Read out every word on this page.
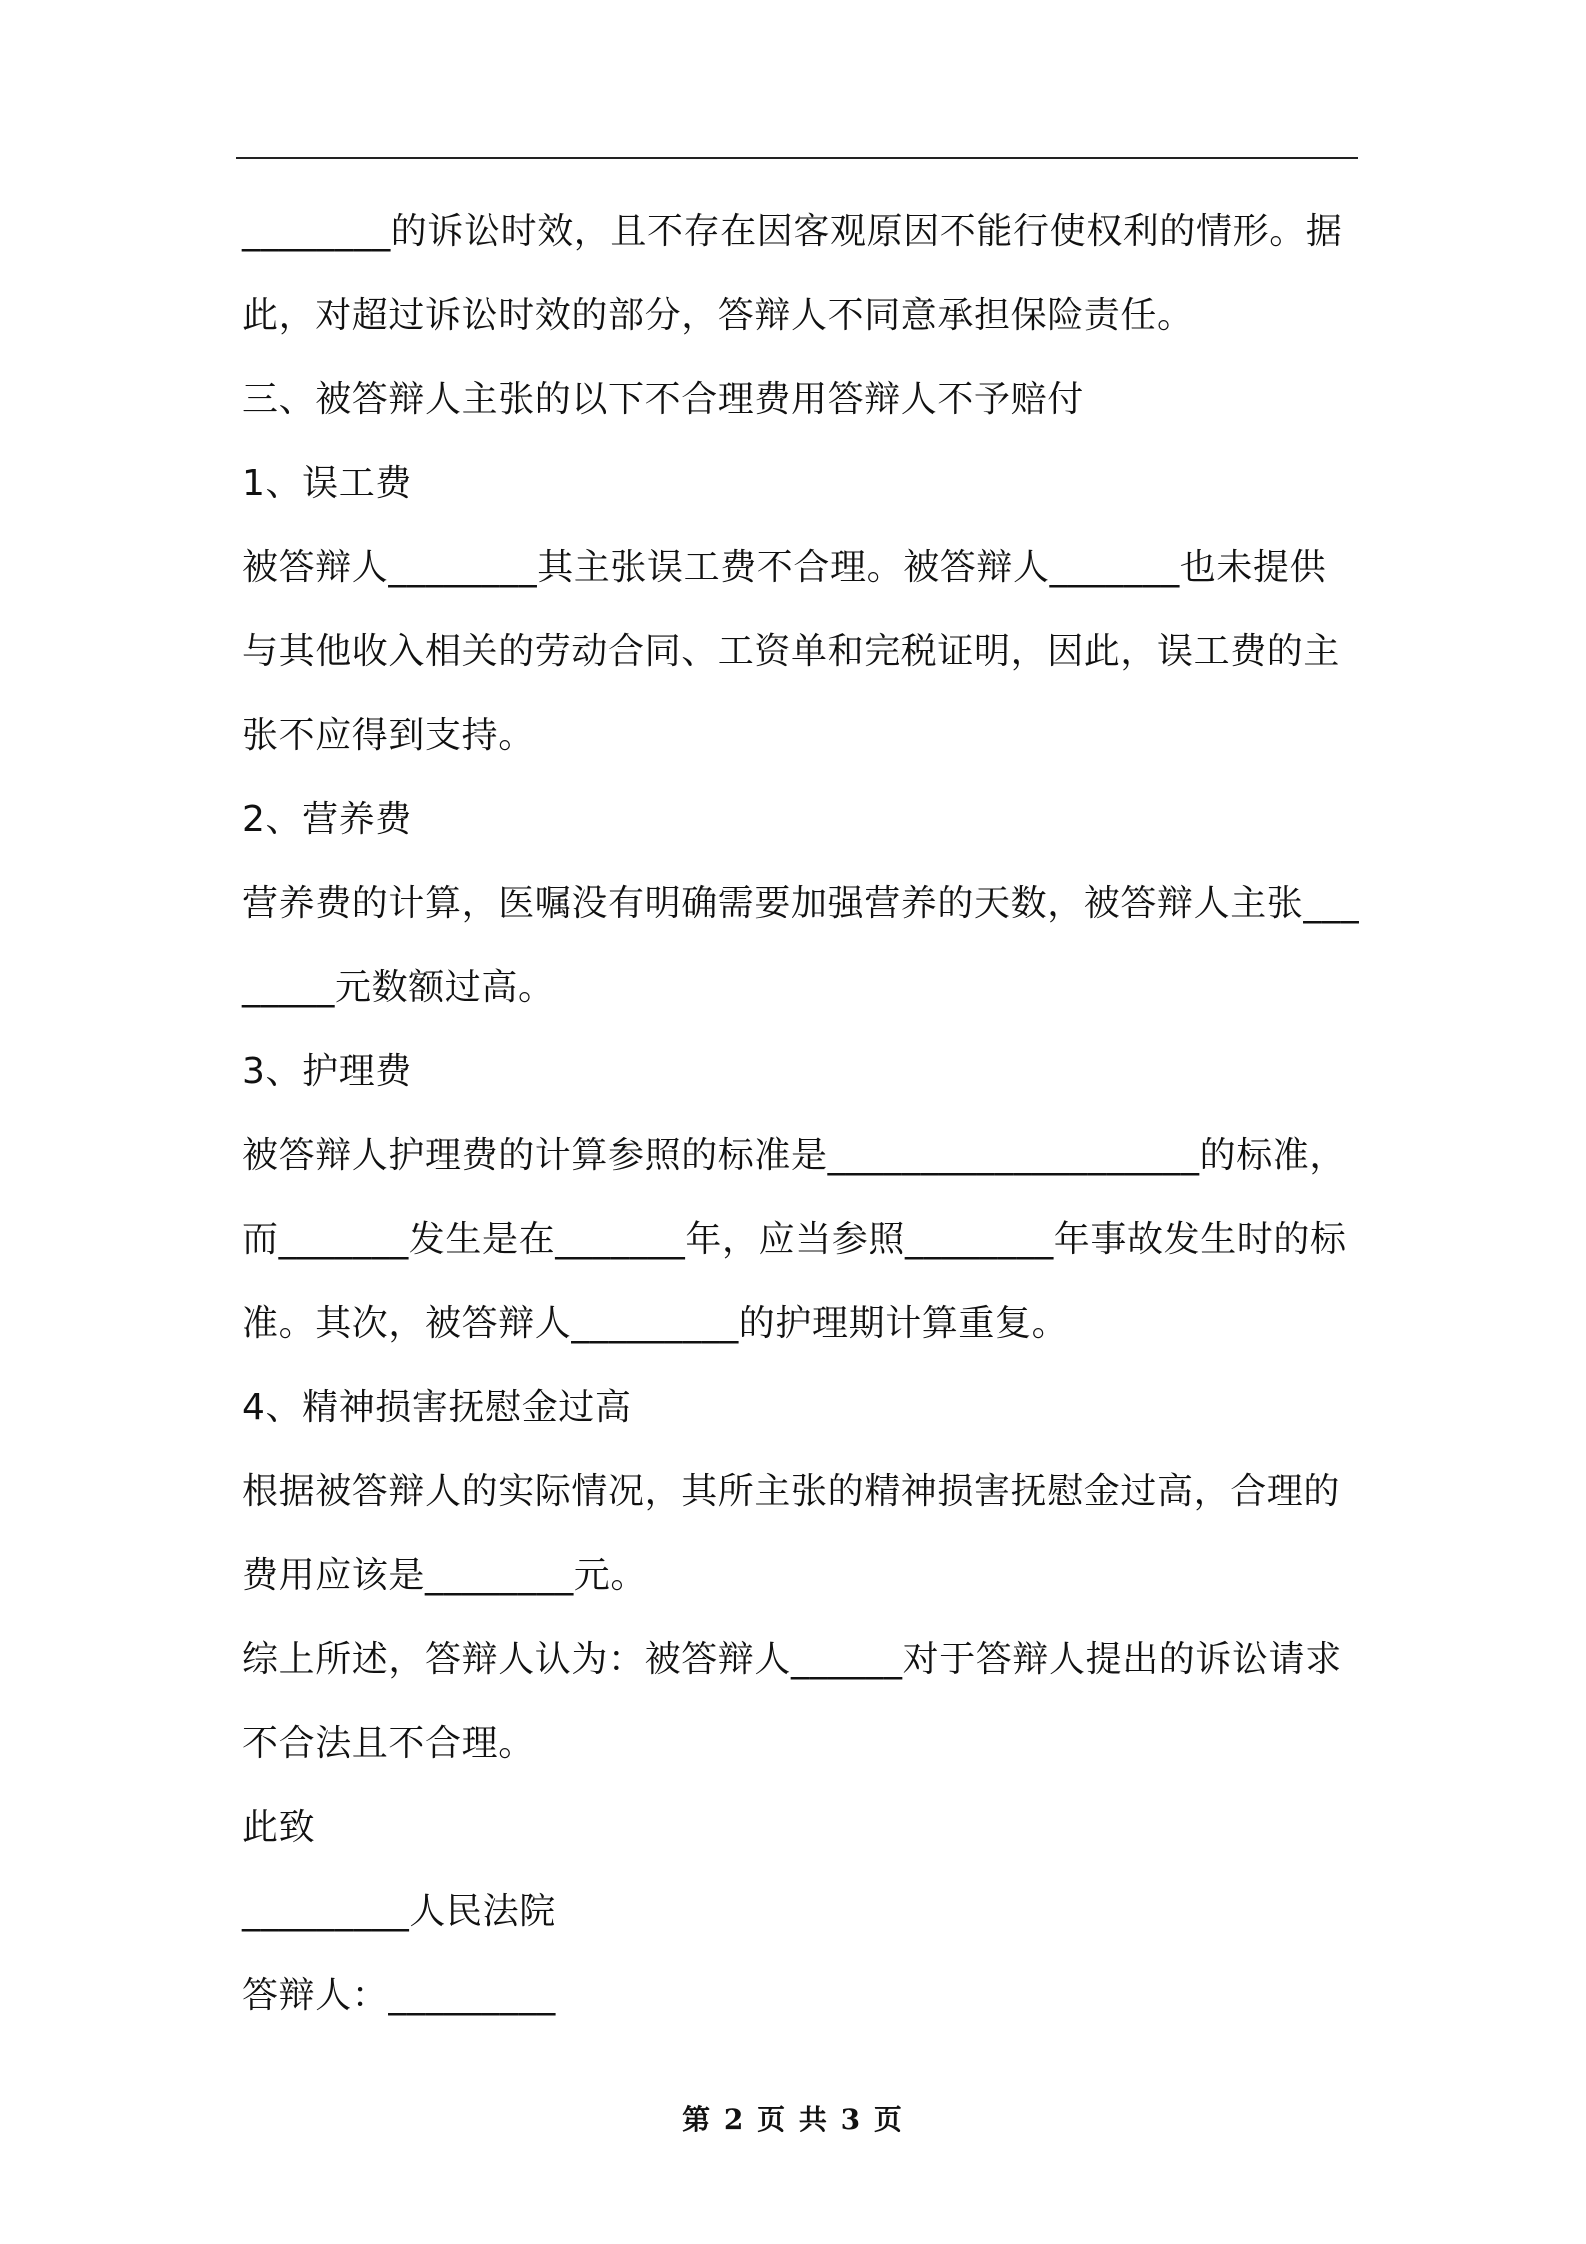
________的诉讼时效，且不存在因客观原因不能行使权利的情形。据此，对超过诉讼时效的部分，答辩人不同意承担保险责任。

三、被答辩人主张的以下不合理费用答辩人不予赔付

1、误工费

被答辩人________其主张误工费不合理。被答辩人_______也未提供与其他收入相关的劳动合同、工资单和完税证明，因此，误工费的主张不应得到支持。

2、营养费

营养费的计算，医嘱没有明确需要加强营养的天数，被答辩人主张________元数额过高。

3、护理费

被答辩人护理费的计算参照的标准是____________________的标准，而_______发生是在_______年，应当参照________年事故发生时的标准。其次，被答辩人_________的护理期计算重复。

4、精神损害抚慰金过高

根据被答辩人的实际情况，其所主张的精神损害抚慰金过高，合理的费用应该是________元。

综上所述，答辩人认为：被答辩人______对于答辩人提出的诉讼请求不合法且不合理。

此致

_________人民法院

答辩人：_________

第 2 页 共 3 页
